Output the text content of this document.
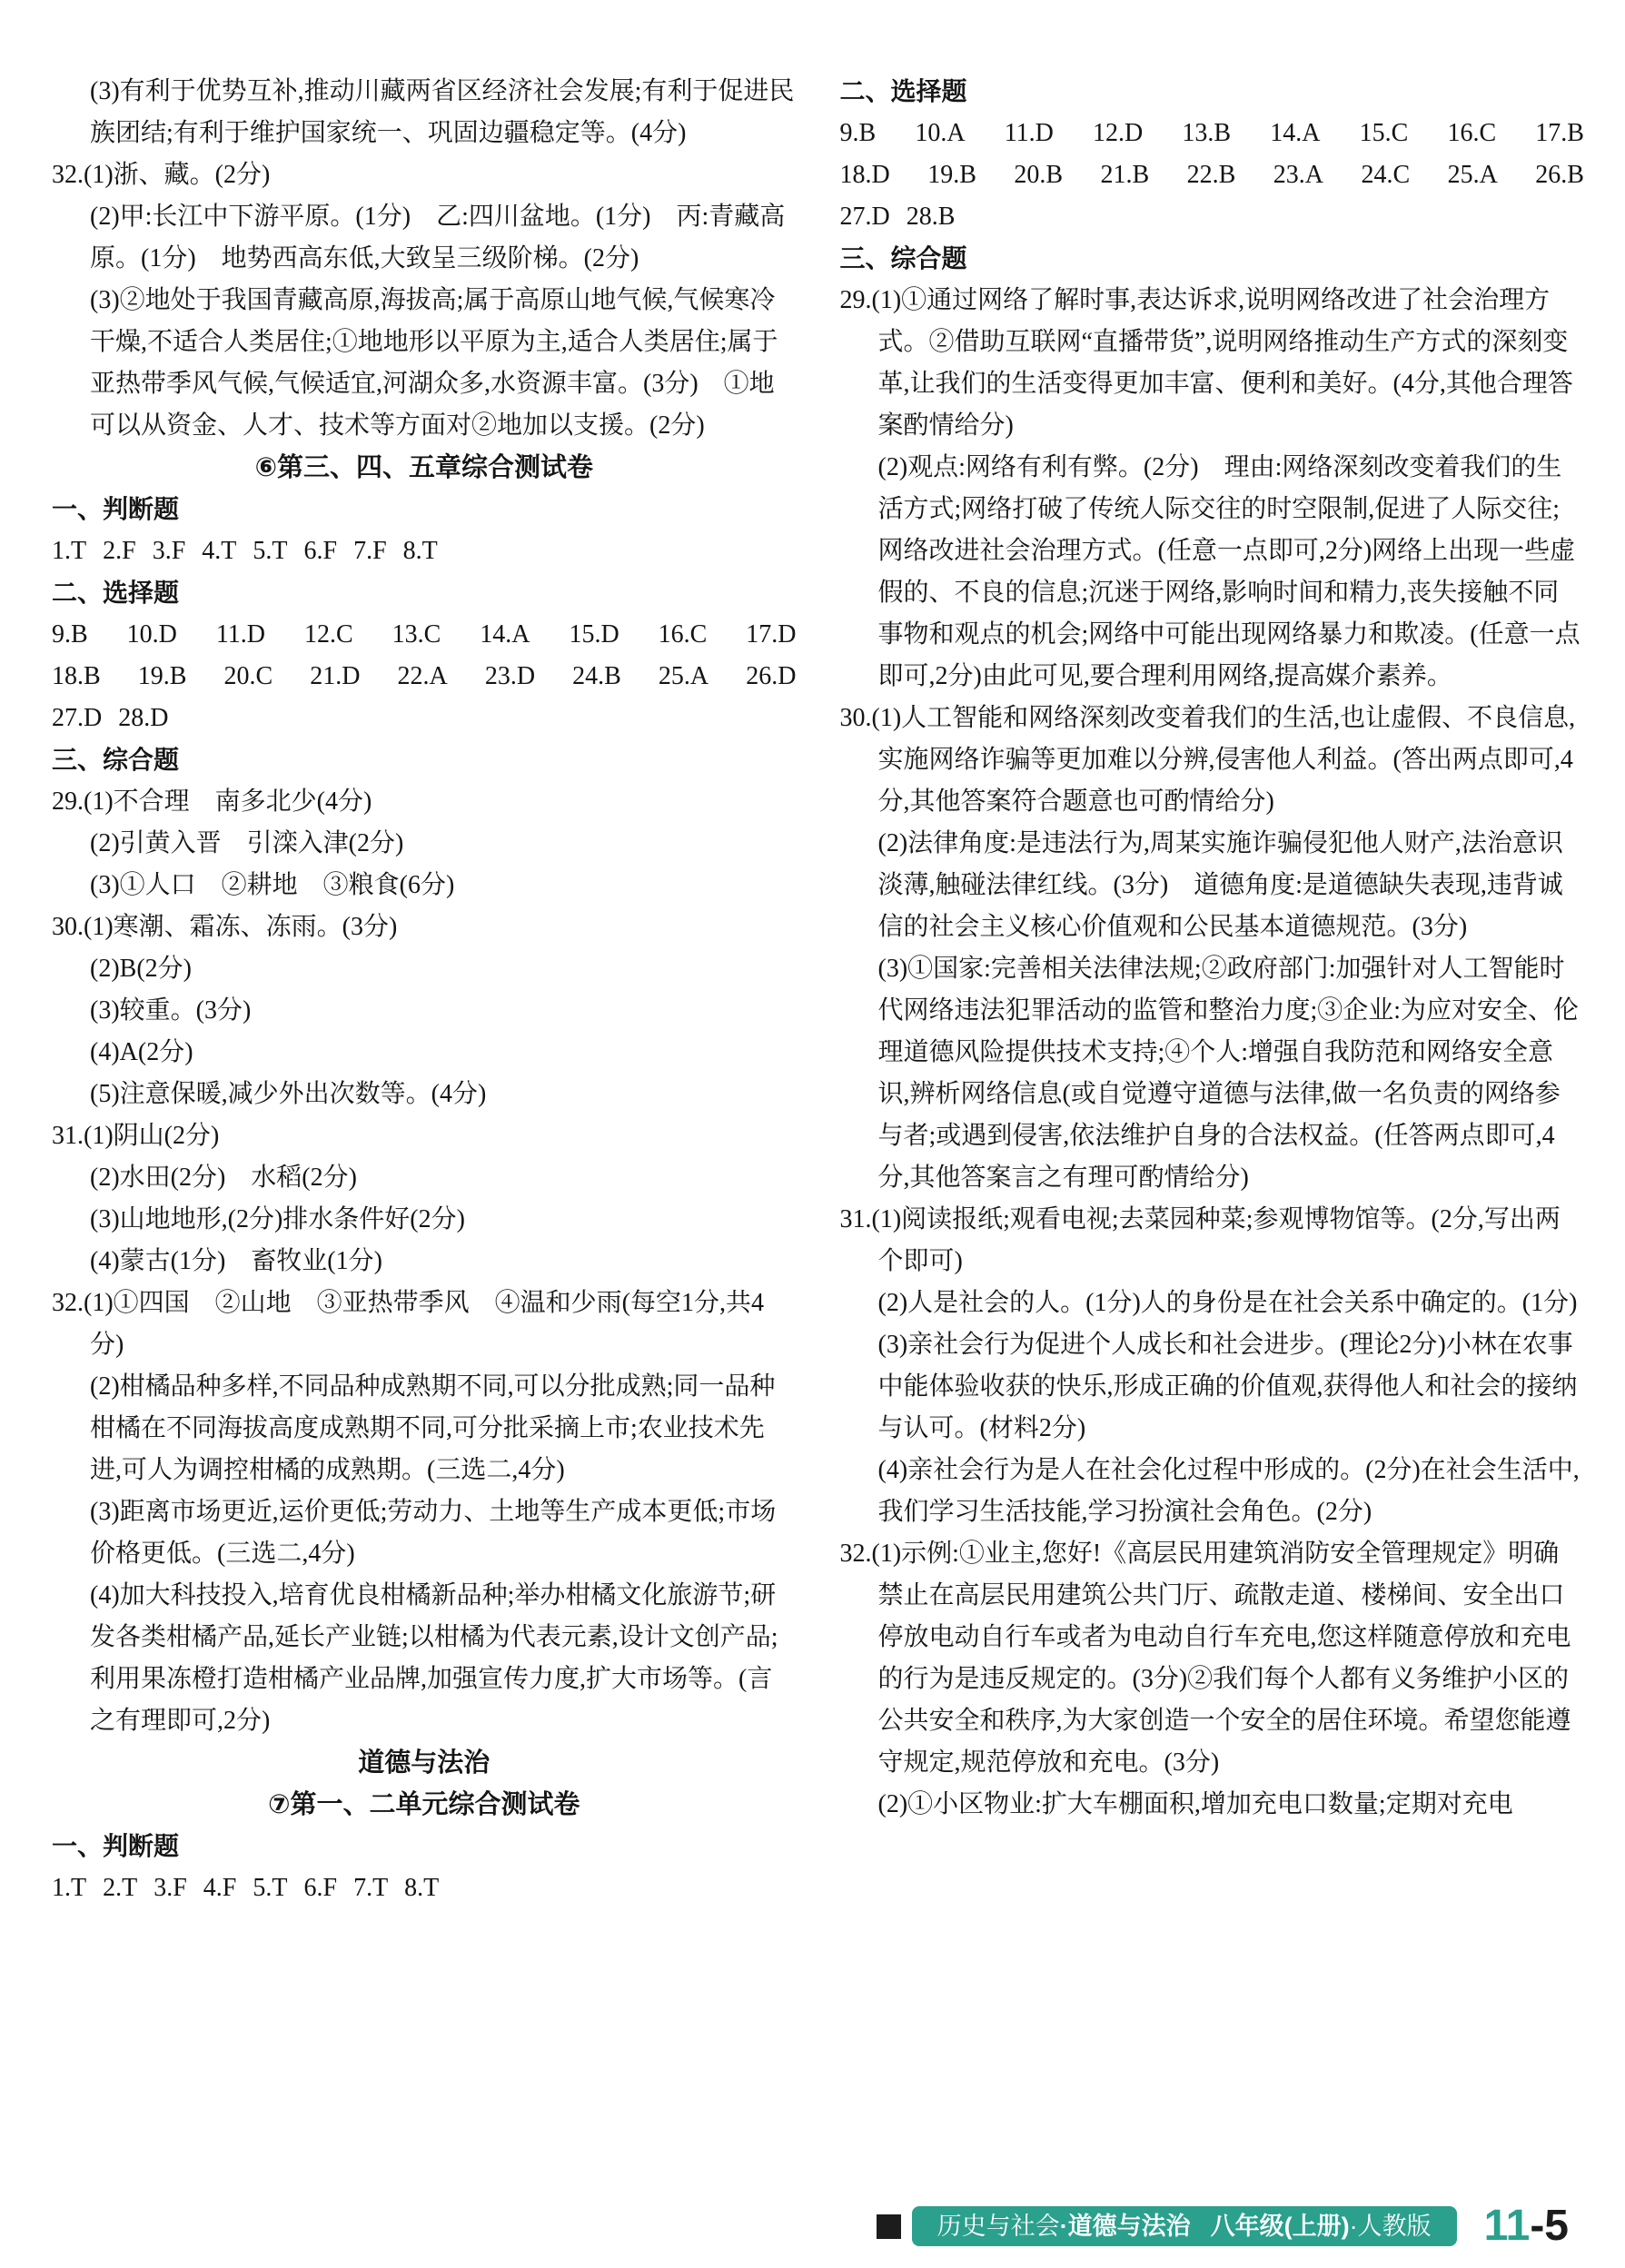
(3)有利于优势互补,推动川藏两省区经济社会发展;有利于促进民族团结;有利于维护国家统一、巩固边疆稳定等。(4分)
32.(1)浙、藏。(2分)
(2)甲:长江中下游平原。(1分)　乙:四川盆地。(1分)　丙:青藏高原。(1分)　地势西高东低,大致呈三级阶梯。(2分)
(3)②地处于我国青藏高原,海拔高;属于高原山地气候,气候寒冷干燥,不适合人类居住;①地地形以平原为主,适合人类居住;属于亚热带季风气候,气候适宜,河湖众多,水资源丰富。(3分)　①地可以从资金、人才、技术等方面对②地加以支援。(2分)
⑥第三、四、五章综合测试卷
一、判断题
1.T 2.F 3.F 4.T 5.T 6.F 7.F 8.T
二、选择题
9.B 10.D 11.D 12.C 13.C 14.A 15.D 16.C 17.D
18.B 19.B 20.C 21.D 22.A 23.D 24.B 25.A 26.D
27.D 28.D
三、综合题
29.(1)不合理　南多北少(4分)
(2)引黄入晋　引滦入津(2分)
(3)①人口　②耕地　③粮食(6分)
30.(1)寒潮、霜冻、冻雨。(3分)
(2)B(2分)
(3)较重。(3分)
(4)A(2分)
(5)注意保暖,减少外出次数等。(4分)
31.(1)阴山(2分)
(2)水田(2分)　水稻(2分)
(3)山地地形,(2分)排水条件好(2分)
(4)蒙古(1分)　畜牧业(1分)
32.(1)①四国　②山地　③亚热带季风　④温和少雨(每空1分,共4分)
(2)柑橘品种多样,不同品种成熟期不同,可以分批成熟;同一品种柑橘在不同海拔高度成熟期不同,可分批采摘上市;农业技术先进,可人为调控柑橘的成熟期。(三选二,4分)
(3)距离市场更近,运价更低;劳动力、土地等生产成本更低;市场价格更低。(三选二,4分)
(4)加大科技投入,培育优良柑橘新品种;举办柑橘文化旅游节;研发各类柑橘产品,延长产业链;以柑橘为代表元素,设计文创产品;利用果冻橙打造柑橘产业品牌,加强宣传力度,扩大市场等。(言之有理即可,2分)
道德与法治
⑦第一、二单元综合测试卷
一、判断题
1.T 2.T 3.F 4.F 5.T 6.F 7.T 8.T
二、选择题
9.B 10.A 11.D 12.D 13.B 14.A 15.C 16.C 17.B
18.D 19.B 20.B 21.B 22.B 23.A 24.C 25.A 26.B
27.D 28.B
三、综合题
29.(1)①通过网络了解时事,表达诉求,说明网络改进了社会治理方式。②借助互联网“直播带货”,说明网络推动生产方式的深刻变革,让我们的生活变得更加丰富、便利和美好。(4分,其他合理答案酌情给分)
(2)观点:网络有利有弊。(2分)　理由:网络深刻改变着我们的生活方式;网络打破了传统人际交往的时空限制,促进了人际交往;网络改进社会治理方式。(任意一点即可,2分)网络上出现一些虚假的、不良的信息;沉迷于网络,影响时间和精力,丧失接触不同事物和观点的机会;网络中可能出现网络暴力和欺凌。(任意一点即可,2分)由此可见,要合理利用网络,提高媒介素养。
30.(1)人工智能和网络深刻改变着我们的生活,也让虚假、不良信息,实施网络诈骗等更加难以分辨,侵害他人利益。(答出两点即可,4分,其他答案符合题意也可酌情给分)
(2)法律角度:是违法行为,周某实施诈骗侵犯他人财产,法治意识淡薄,触碰法律红线。(3分)　道德角度:是道德缺失表现,违背诚信的社会主义核心价值观和公民基本道德规范。(3分)
(3)①国家:完善相关法律法规;②政府部门:加强针对人工智能时代网络违法犯罪活动的监管和整治力度;③企业:为应对安全、伦理道德风险提供技术支持;④个人:增强自我防范和网络安全意识,辨析网络信息(或自觉遵守道德与法律,做一名负责的网络参与者;或遇到侵害,依法维护自身的合法权益。(任答两点即可,4分,其他答案言之有理可酌情给分)
31.(1)阅读报纸;观看电视;去菜园种菜;参观博物馆等。(2分,写出两个即可)
(2)人是社会的人。(1分)人的身份是在社会关系中确定的。(1分)
(3)亲社会行为促进个人成长和社会进步。(理论2分)小林在农事中能体验收获的快乐,形成正确的价值观,获得他人和社会的接纳与认可。(材料2分)
(4)亲社会行为是人在社会化过程中形成的。(2分)在社会生活中,我们学习生活技能,学习扮演社会角色。(2分)
32.(1)示例:①业主,您好!《高层民用建筑消防安全管理规定》明确禁止在高层民用建筑公共门厅、疏散走道、楼梯间、安全出口停放电动自行车或者为电动自行车充电,您这样随意停放和充电的行为是违反规定的。(3分)②我们每个人都有义务维护小区的公共安全和秩序,为大家创造一个安全的居住环境。希望您能遵守规定,规范停放和充电。(3分)
(2)①小区物业:扩大车棚面积,增加充电口数量;定期对充电
历史与社会 ·道德与法治 八年级(上册) ·人教版 11-5
